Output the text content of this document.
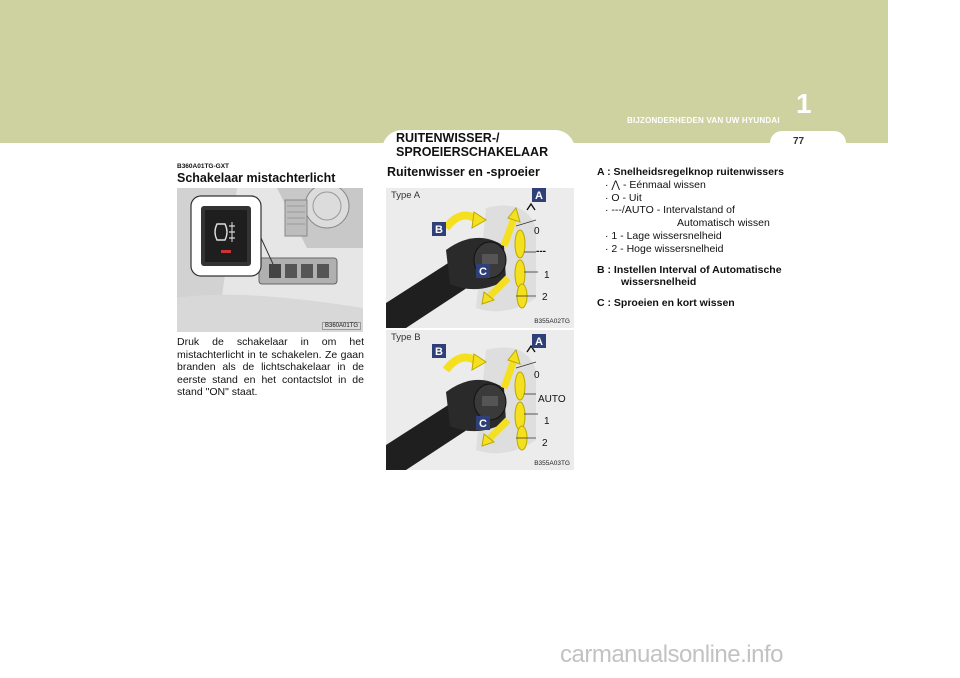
1
BIJZONDERHEDEN VAN UW HYUNDAI
77
RUITENWISSER-/
SPROEIERSCHAKELAAR
B360A01TG-GXT
Schakelaar mistachterlicht
B360A01TG
Druk de schakelaar in om het mistachterlicht in te schakelen. Ze gaan branden als de lichtschakelaar in de eerste stand en het contactslot in de stand "ON" staat.
Ruitenwisser en -sproeier
A
B
C
0
---
1
2
Type A
B355A02TG
A
B
C
0
AUTO
1
2
Type B
B355A03TG
A : Snelheidsregelknop ruitenwissers
· ⋀ - Eénmaal wissen
· O - Uit
· ---/AUTO - Intervalstand of
Automatisch wissen
· 1 - Lage wissersnelheid
· 2 - Hoge wissersnelheid
B : Instellen Interval of Automatische
wissersnelheid
C : Sproeien en kort wissen
carmanualsonline.info
